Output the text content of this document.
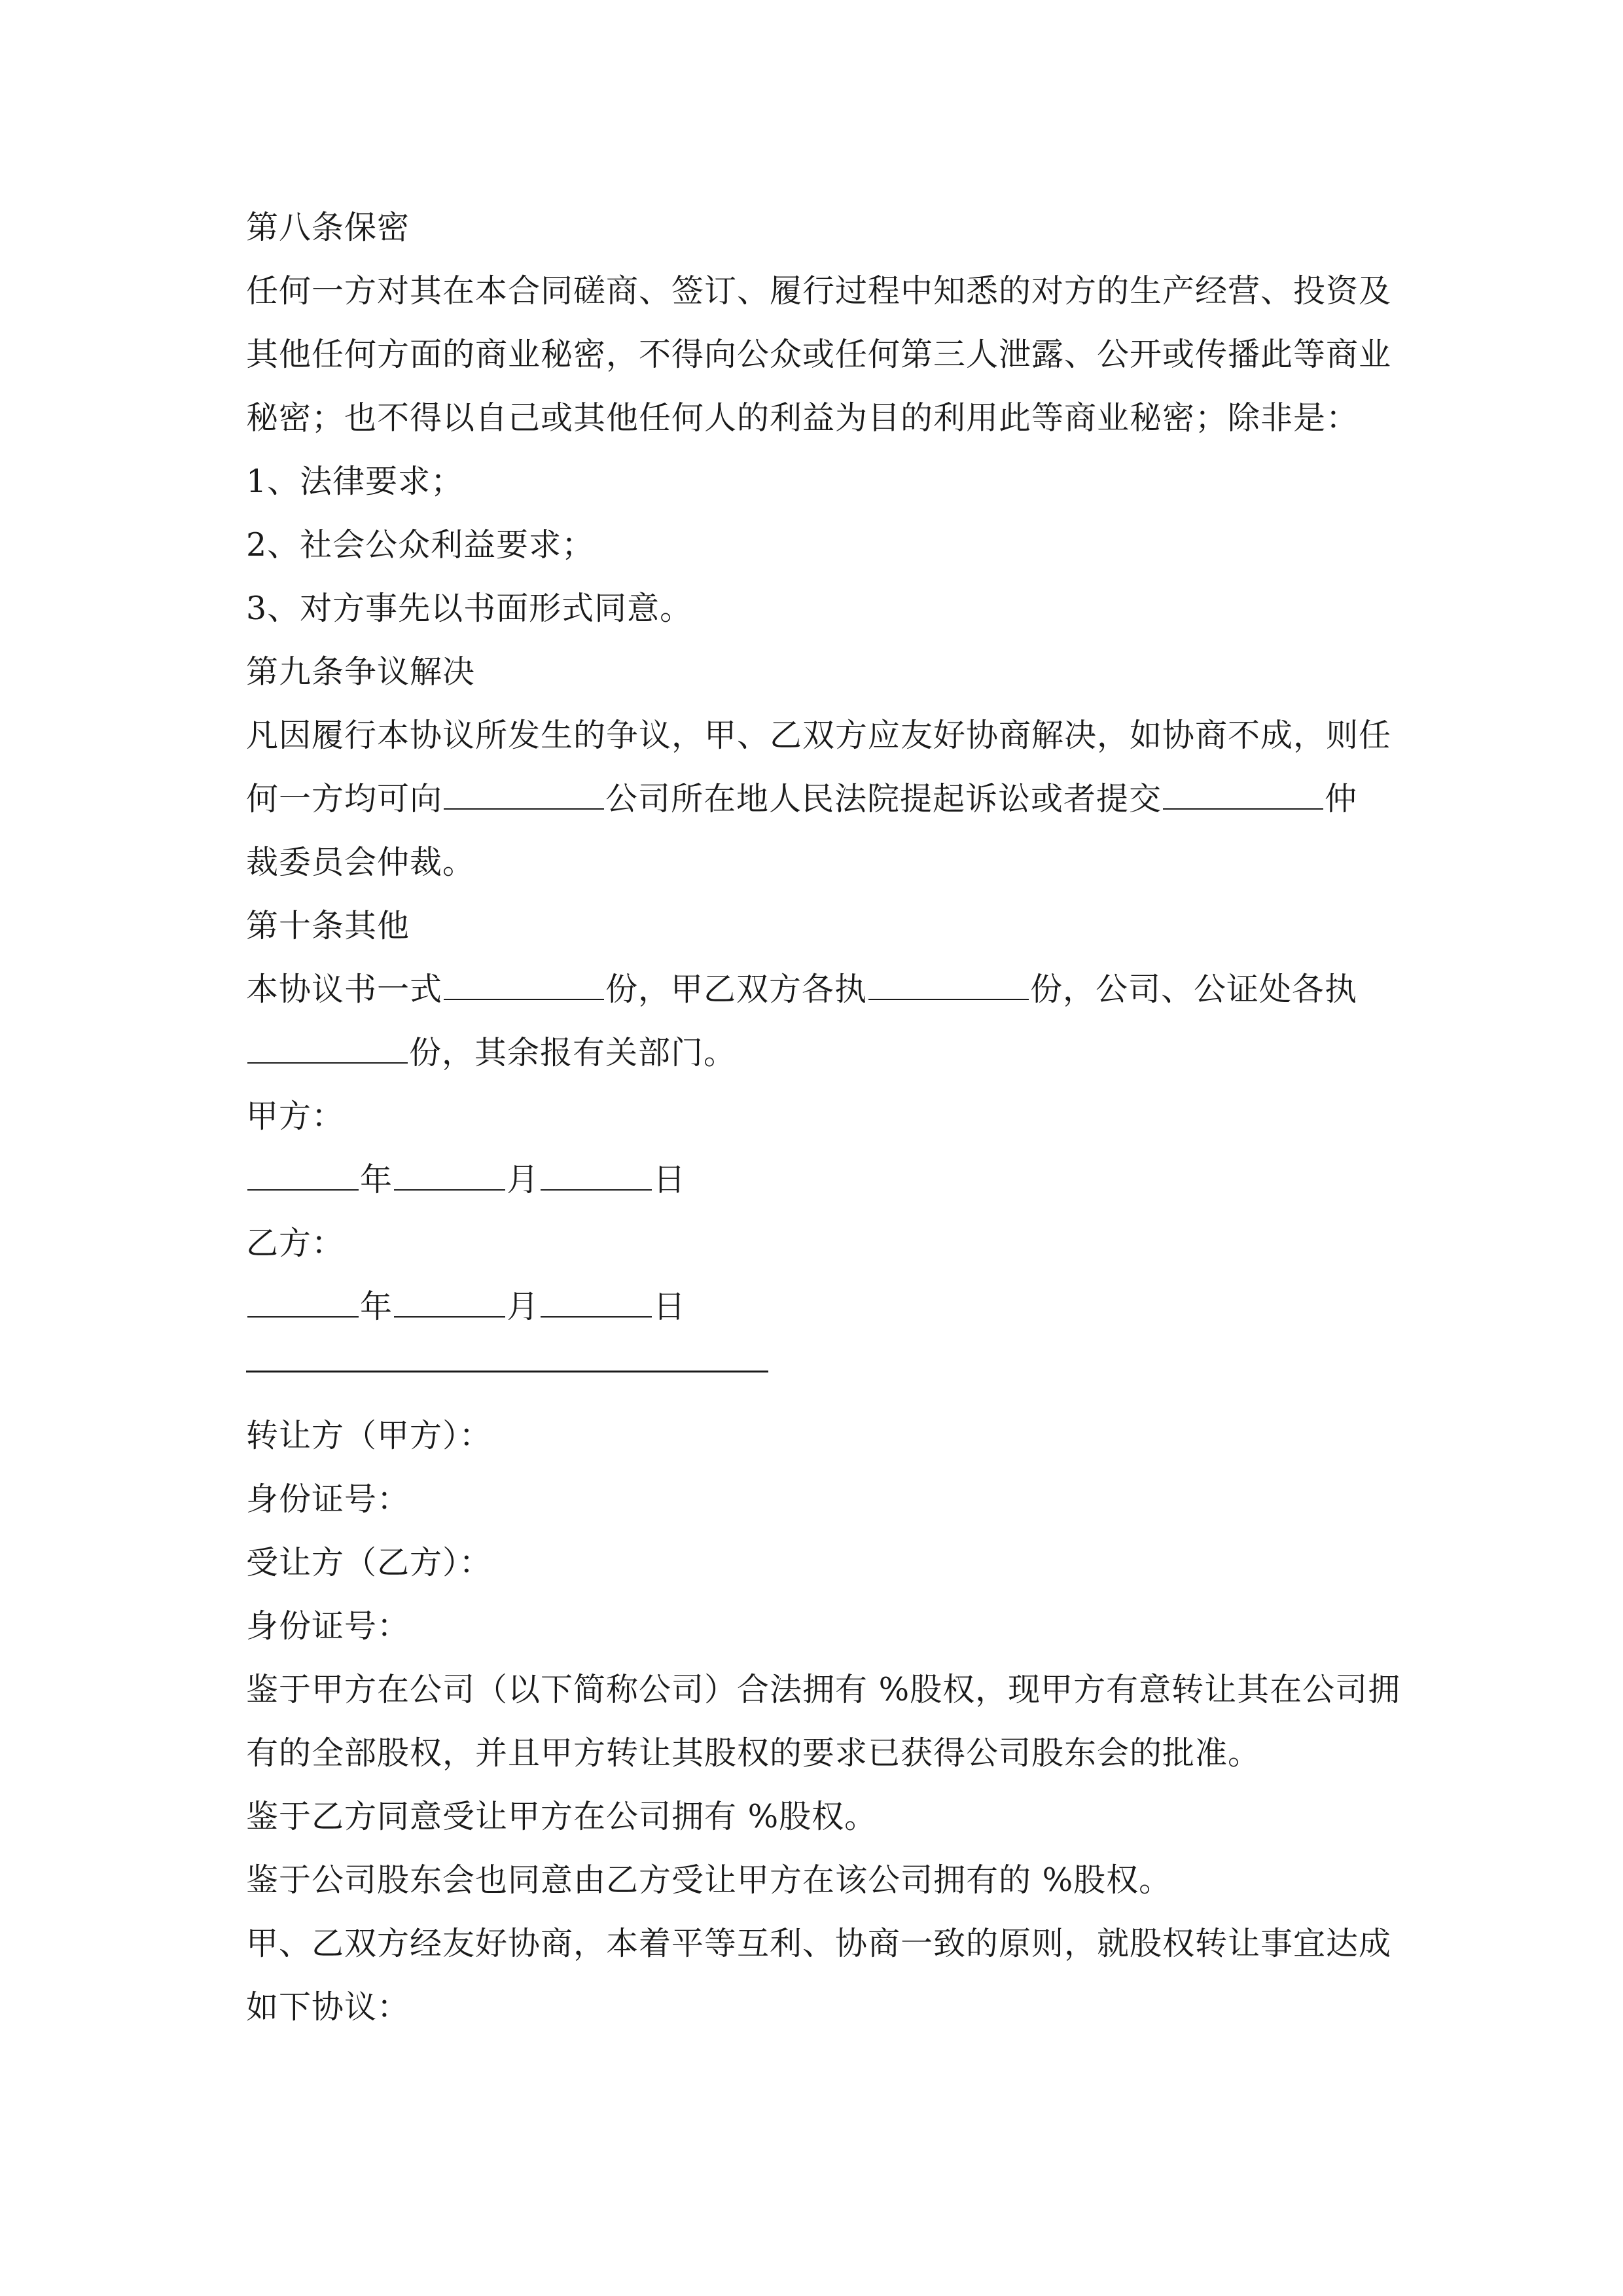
第八条保密
任何一方对其在本合同磋商、签订、履行过程中知悉的对方的生产经营、投资及
其他任何方面的商业秘密，不得向公众或任何第三人泄露、公开或传播此等商业
秘密；也不得以自己或其他任何人的利益为目的利用此等商业秘密；除非是：
1、法律要求；
2、社会公众利益要求；
3、对方事先以书面形式同意。
第九条争议解决
凡因履行本协议所发生的争议，甲、乙双方应友好协商解决，如协商不成，则任
何一方均可向	公司所在地人民法院提起诉讼或者提交	仲
裁委员会仲裁。
第十条其他
本协议书一式	份，甲乙双方各执	份，公司、公证处各执
份，其余报有关部门。
甲方：
年	月	日
乙方：
年	月	日
转让方（甲方）：
身份证号：
受让方（乙方）：
身份证号：
鉴于甲方在公司（以下简称公司）合法拥有 %股权，现甲方有意转让其在公司拥
有的全部股权，并且甲方转让其股权的要求已获得公司股东会的批准。
鉴于乙方同意受让甲方在公司拥有 %股权。
鉴于公司股东会也同意由乙方受让甲方在该公司拥有的 %股权。
甲、乙双方经友好协商，本着平等互利、协商一致的原则，就股权转让事宜达成
如下协议：
